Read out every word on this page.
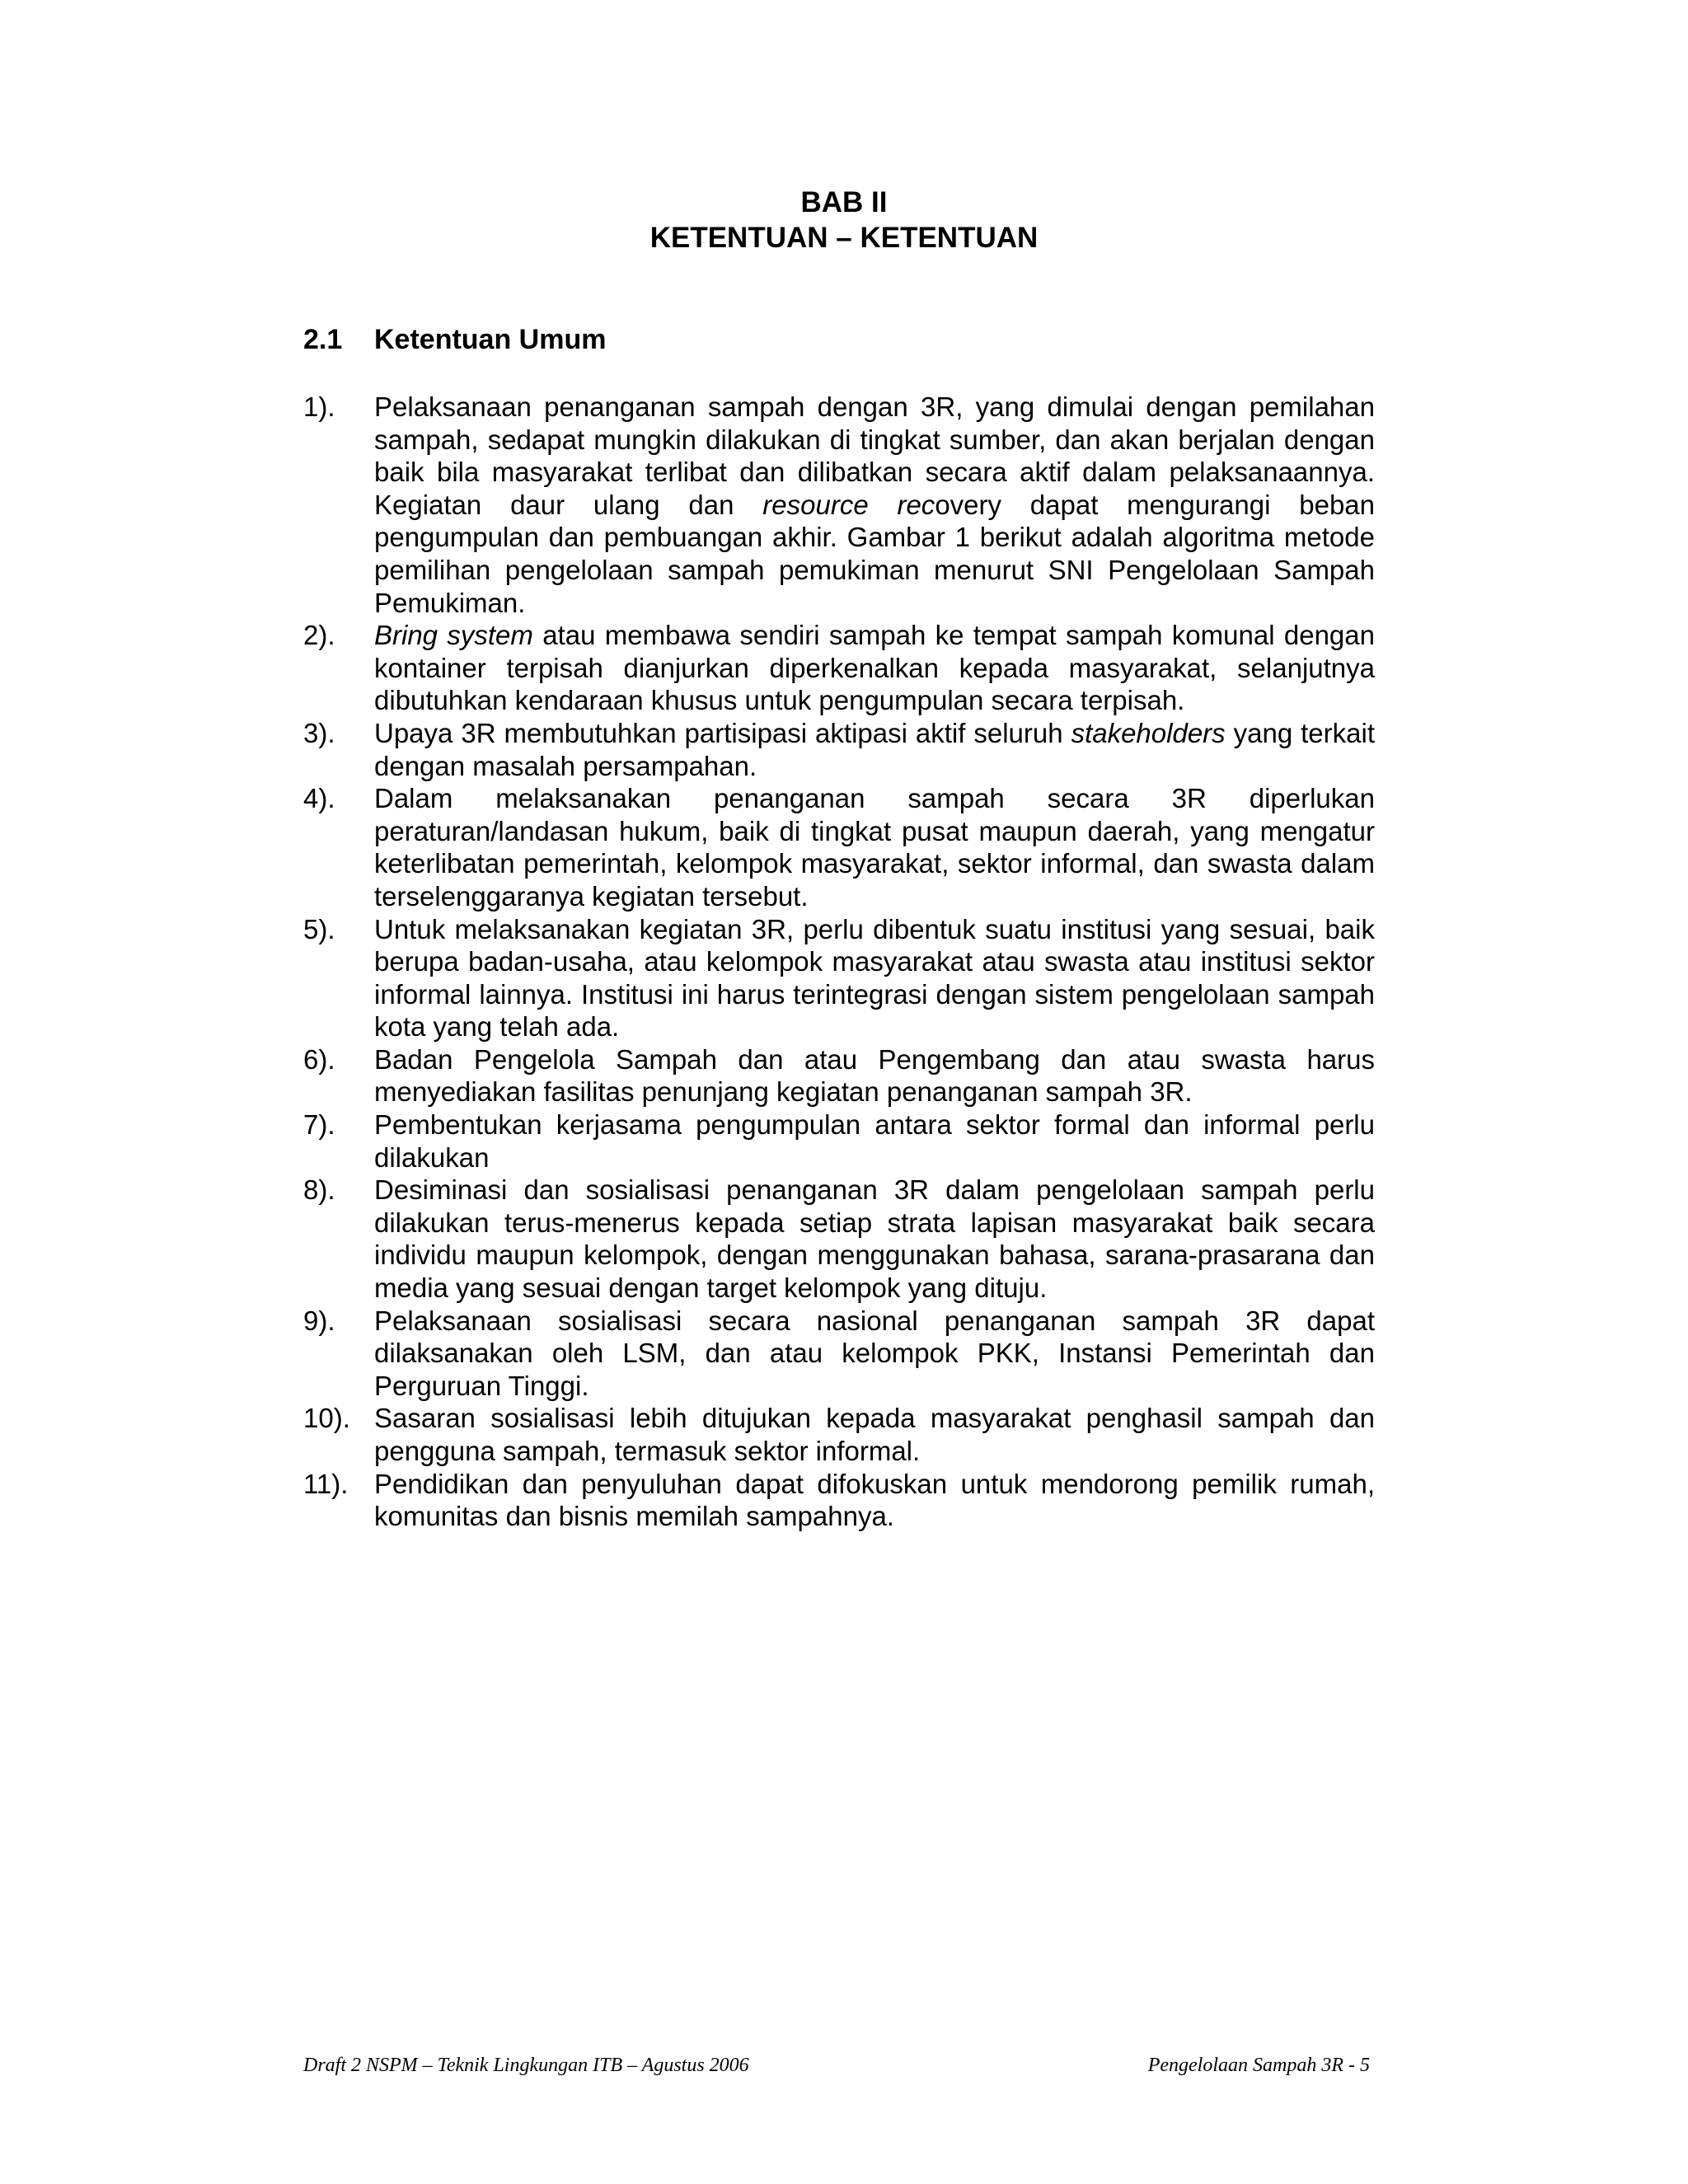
BAB II
KETENTUAN – KETENTUAN
2.1 Ketentuan Umum
1).	Pelaksanaan penanganan sampah dengan 3R, yang dimulai dengan pemilahan sampah, sedapat mungkin dilakukan di tingkat sumber, dan akan berjalan dengan baik bila masyarakat terlibat dan dilibatkan secara aktif dalam pelaksanaannya. Kegiatan daur ulang dan resource recovery dapat mengurangi beban pengumpulan dan pembuangan akhir. Gambar 1 berikut adalah algoritma metode pemilihan pengelolaan sampah pemukiman menurut SNI Pengelolaan Sampah Pemukiman.
2).	Bring system atau membawa sendiri sampah ke tempat sampah komunal dengan kontainer terpisah dianjurkan diperkenalkan kepada masyarakat, selanjutnya dibutuhkan kendaraan khusus untuk pengumpulan secara terpisah.
3).	Upaya 3R membutuhkan partisipasi aktipasi aktif seluruh stakeholders yang terkait dengan masalah persampahan.
4).	Dalam melaksanakan penanganan sampah secara 3R diperlukan peraturan/landasan hukum, baik di tingkat pusat maupun daerah, yang mengatur keterlibatan pemerintah, kelompok masyarakat, sektor informal, dan swasta dalam terselenggaranya kegiatan tersebut.
5).	Untuk melaksanakan kegiatan 3R, perlu dibentuk suatu institusi yang sesuai, baik berupa badan-usaha, atau kelompok masyarakat atau swasta atau institusi sektor informal lainnya. Institusi ini harus terintegrasi dengan sistem pengelolaan sampah kota yang telah ada.
6).	Badan Pengelola Sampah dan atau Pengembang dan atau swasta harus menyediakan fasilitas penunjang kegiatan penanganan sampah 3R.
7).	Pembentukan kerjasama pengumpulan antara sektor formal dan informal perlu dilakukan
8).	Desiminasi dan sosialisasi penanganan 3R dalam pengelolaan sampah perlu dilakukan terus-menerus kepada setiap strata lapisan masyarakat baik secara individu maupun kelompok, dengan menggunakan bahasa, sarana-prasarana dan media yang sesuai dengan target kelompok yang dituju.
9).	Pelaksanaan sosialisasi secara nasional penanganan sampah 3R dapat dilaksanakan oleh LSM, dan atau kelompok PKK, Instansi Pemerintah dan Perguruan Tinggi.
10). Sasaran sosialisasi lebih ditujukan kepada masyarakat penghasil sampah dan pengguna sampah, termasuk sektor informal.
11). Pendidikan dan penyuluhan dapat difokuskan untuk mendorong pemilik rumah, komunitas dan bisnis memilah sampahnya.
Draft 2 NSPM – Teknik Lingkungan ITB – Agustus 2006	Pengelolaan Sampah 3R - 5
